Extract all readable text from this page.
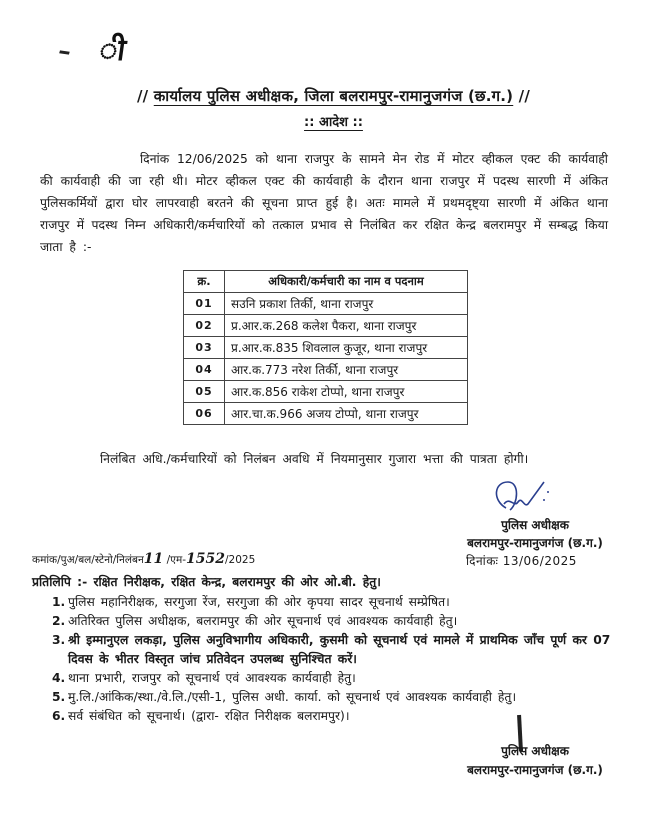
ी
// कार्यालय पुलिस अधीक्षक, जिला बलरामपुर-रामानुजगंज (छ.ग.) //
:: आदेश ::
दिनांक 12/06/2025 को थाना राजपुर के सामने मेन रोड में मोटर व्हीकल एक्ट की कार्यवाही की कार्यवाही की जा रही थी। मोटर व्हीकल एक्ट की कार्यवाही के दौरान थाना राजपुर में पदस्थ सारणी में अंकित पुलिसकर्मियों द्वारा घोर लापरवाही बरतने की सूचना प्राप्त हुई है। अतः मामले में प्रथमदृष्ट्या सारणी में अंकित थाना राजपुर में पदस्थ निम्न अधिकारी/कर्मचारियों को तत्काल प्रभाव से निलंबित कर रक्षित केन्द्र बलरामपुर में सम्बद्ध किया जाता है :-
क्र.	अधिकारी/कर्मचारी का नाम व पदनाम
01	सउनि प्रकाश तिर्की, थाना राजपुर
02	प्र.आर.क.268 कलेश पैकरा, थाना राजपुर
03	प्र.आर.क.835 शिवलाल कुजूर, थाना राजपुर
04	आर.क.773 नरेश तिर्की, थाना राजपुर
05	आर.क.856 राकेश टोप्पो, थाना राजपुर
06	आर.चा.क.966 अजय टोप्पो, थाना राजपुर
निलंबित अधि./कर्मचारियों को निलंबन अवधि में नियमानुसार गुजारा भत्ता की पात्रता होगी।
पुलिस अधीक्षक
बलरामपुर-रामानुजगंज (छ.ग.)
दिनांकः 13/06/2025
कमांक/पुअ/बल/स्टेनो/निलंबन11 /एम-1552/2025
प्रतिलिपि :- रक्षित निरीक्षक, रक्षित केन्द्र, बलरामपुर की ओर ओ.बी. हेतु।
1. पुलिस महानिरीक्षक, सरगुजा रेंज, सरगुजा की ओर कृपया सादर सूचनार्थ सम्प्रेषित।
2. अतिरिक्त पुलिस अधीक्षक, बलरामपुर की ओर सूचनार्थ एवं आवश्यक कार्यवाही हेतु।
3. श्री इम्मानुएल लकड़ा, पुलिस अनुविभागीय अधिकारी, कुसमी को सूचनार्थ एवं मामले में प्राथमिक जाँच पूर्ण कर 07 दिवस के भीतर विस्तृत जांच प्रतिवेदन उपलब्ध सुनिश्चित करें।
4. थाना प्रभारी, राजपुर को सूचनार्थ एवं आवश्यक कार्यवाही हेतु।
5. मु.लि./आंकिक/स्था./वे.लि./एसी-1, पुलिस अधी. कार्या. को सूचनार्थ एवं आवश्यक कार्यवाही हेतु।
6. सर्व संबंधित को सूचनार्थ। (द्वारा- रक्षित निरीक्षक बलरामपुर)।
पुलिस अधीक्षक
बलरामपुर-रामानुजगंज (छ.ग.)
